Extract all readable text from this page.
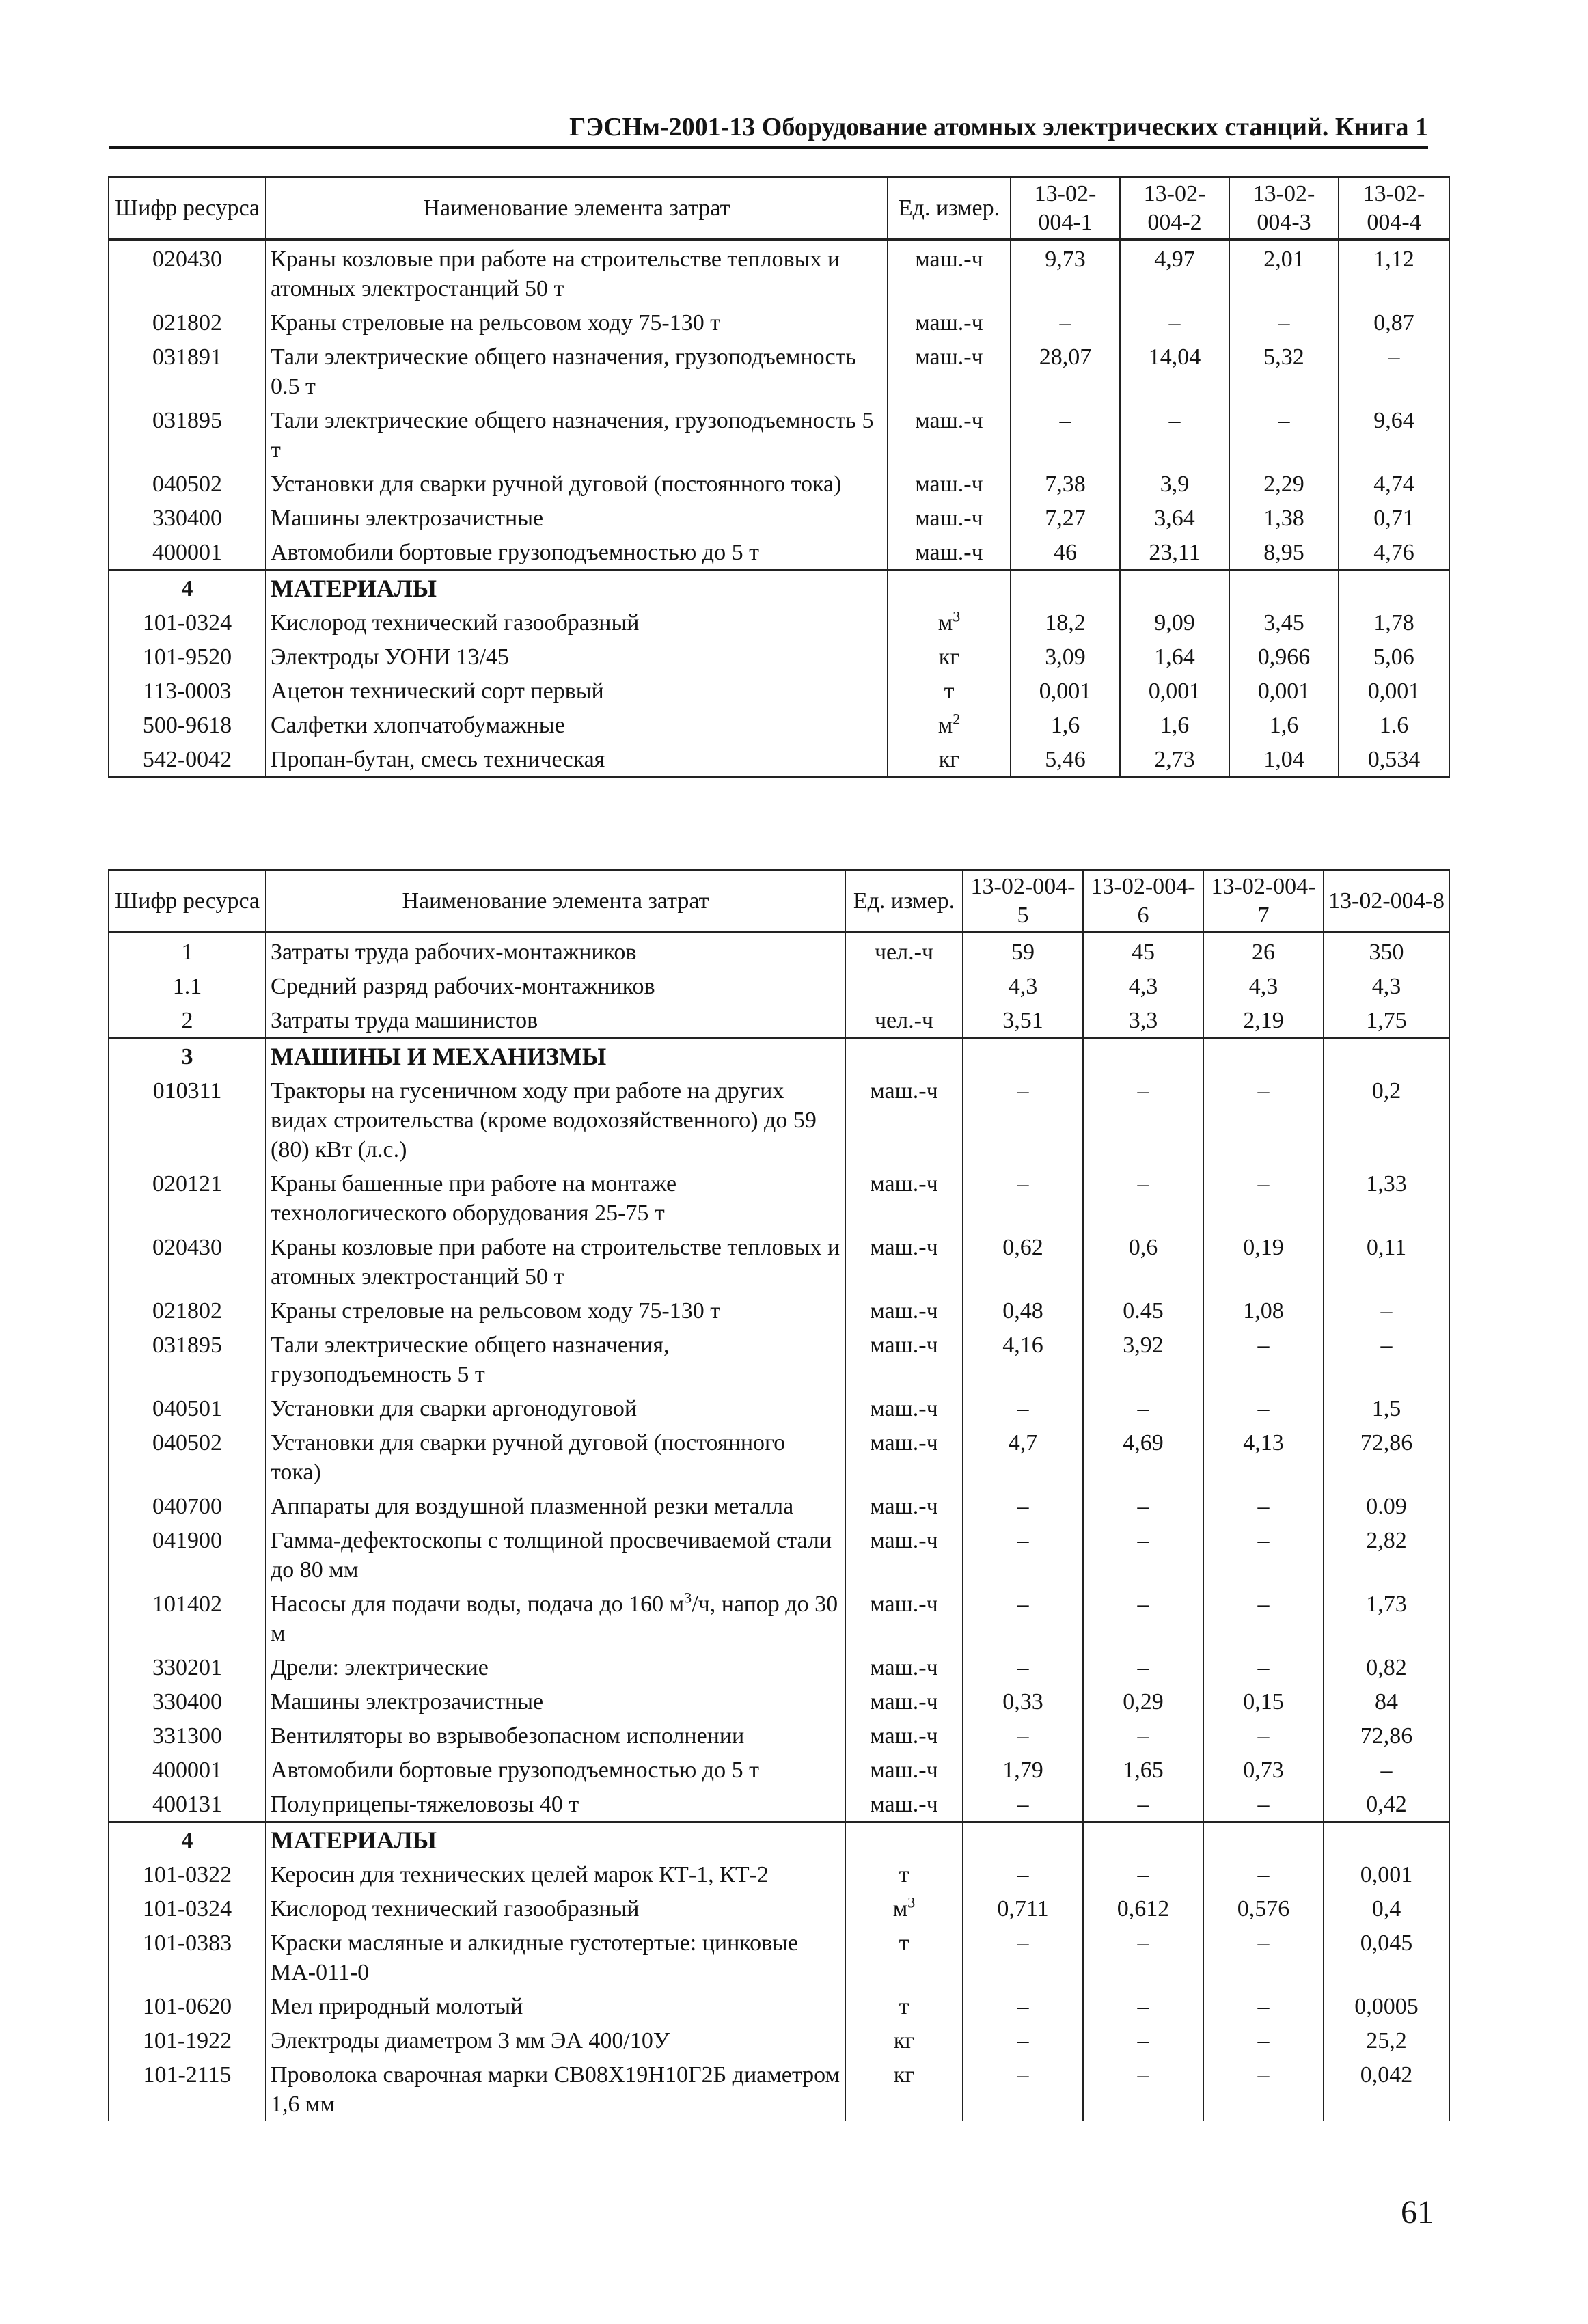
ГЭСНм-2001-13 Оборудование атомных электрических станций. Книга 1
Шифр ресурса	Наименование элемента затрат	Ед. измер.	13-02-004-1	13-02-004-2	13-02-004-3	13-02-004-4
020430	Краны козловые при работе на строительстве тепловых и атомных электростанций 50 т	маш.-ч	9,73	4,97	2,01	1,12
021802	Краны стреловые на рельсовом ходу 75-130 т	маш.-ч	–	–	–	0,87
031891	Тали электрические общего назначения, грузоподъемность 0.5 т	маш.-ч	28,07	14,04	5,32	–
031895	Тали электрические общего назначения, грузоподъемность 5 т	маш.-ч	–	–	–	9,64
040502	Установки для сварки ручной дуговой (постоянного тока)	маш.-ч	7,38	3,9	2,29	4,74
330400	Машины электрозачистные	маш.-ч	7,27	3,64	1,38	0,71
400001	Автомобили бортовые грузоподъемностью до 5 т	маш.-ч	46	23,11	8,95	4,76
4	МАТЕРИАЛЫ					
101-0324	Кислород технический газообразный	$м^3$	18,2	9,09	3,45	1,78
101-9520	Электроды УОНИ 13/45	кг	3,09	1,64	0,966	5,06
113-0003	Ацетон технический сорт первый	т	0,001	0,001	0,001	0,001
500-9618	Салфетки хлопчатобумажные	$м^2$	1,6	1,6	1,6	1.6
542-0042	Пропан-бутан, смесь техническая	кг	5,46	2,73	1,04	0,534
Шифр ресурса	Наименование элемента затрат	Ед. измер.	13-02-004-5	13-02-004-6	13-02-004-7	13-02-004-8
1	Затраты труда рабочих-монтажников	чел.-ч	59	45	26	350
1.1	Средний разряд рабочих-монтажников		4,3	4,3	4,3	4,3
2	Затраты труда машинистов	чел.-ч	3,51	3,3	2,19	1,75
3	МАШИНЫ И МЕХАНИЗМЫ					
010311	Тракторы на гусеничном ходу при работе на других видах строительства (кроме водохозяйственного) до 59 (80) кВт (л.с.)	маш.-ч	–	–	–	0,2
020121	Краны башенные при работе на монтаже технологического оборудования 25-75 т	маш.-ч	–	–	–	1,33
020430	Краны козловые при работе на строительстве тепловых и атомных электростанций 50 т	маш.-ч	0,62	0,6	0,19	0,11
021802	Краны стреловые на рельсовом ходу 75-130 т	маш.-ч	0,48	0.45	1,08	–
031895	Тали электрические общего назначения, грузоподъемность 5 т	маш.-ч	4,16	3,92	–	–
040501	Установки для сварки аргонодуговой	маш.-ч	–	–	–	1,5
040502	Установки для сварки ручной дуговой (постоянного тока)	маш.-ч	4,7	4,69	4,13	72,86
040700	Аппараты для воздушной плазменной резки металла	маш.-ч	–	–	–	0.09
041900	Гамма-дефектоскопы с толщиной просвечиваемой стали до 80 мм	маш.-ч	–	–	–	2,82
101402	Насосы для подачи воды, подача до 160 $м^3/ч$, напор до 30 м	маш.-ч	–	–	–	1,73
330201	Дрели: электрические	маш.-ч	–	–	–	0,82
330400	Машины электрозачистные	маш.-ч	0,33	0,29	0,15	84
331300	Вентиляторы во взрывобезопасном исполнении	маш.-ч	–	–	–	72,86
400001	Автомобили бортовые грузоподъемностью до 5 т	маш.-ч	1,79	1,65	0,73	–
400131	Полуприцепы-тяжеловозы 40 т	маш.-ч	–	–	–	0,42
4	МАТЕРИАЛЫ					
101-0322	Керосин для технических целей марок КТ-1, КТ-2	т	–	–	–	0,001
101-0324	Кислород технический газообразный	$м^3$	0,711	0,612	0,576	0,4
101-0383	Краски масляные и алкидные густотертые: цинковые МА-011-0	т	–	–	–	0,045
101-0620	Мел природный молотый	т	–	–	–	0,0005
101-1922	Электроды диаметром 3 мм ЭА 400/10У	кг	–	–	–	25,2
101-2115	Проволока сварочная марки СВ08Х19Н10Г2Б диаметром 1,6 мм	кг	–	–	–	0,042
61
